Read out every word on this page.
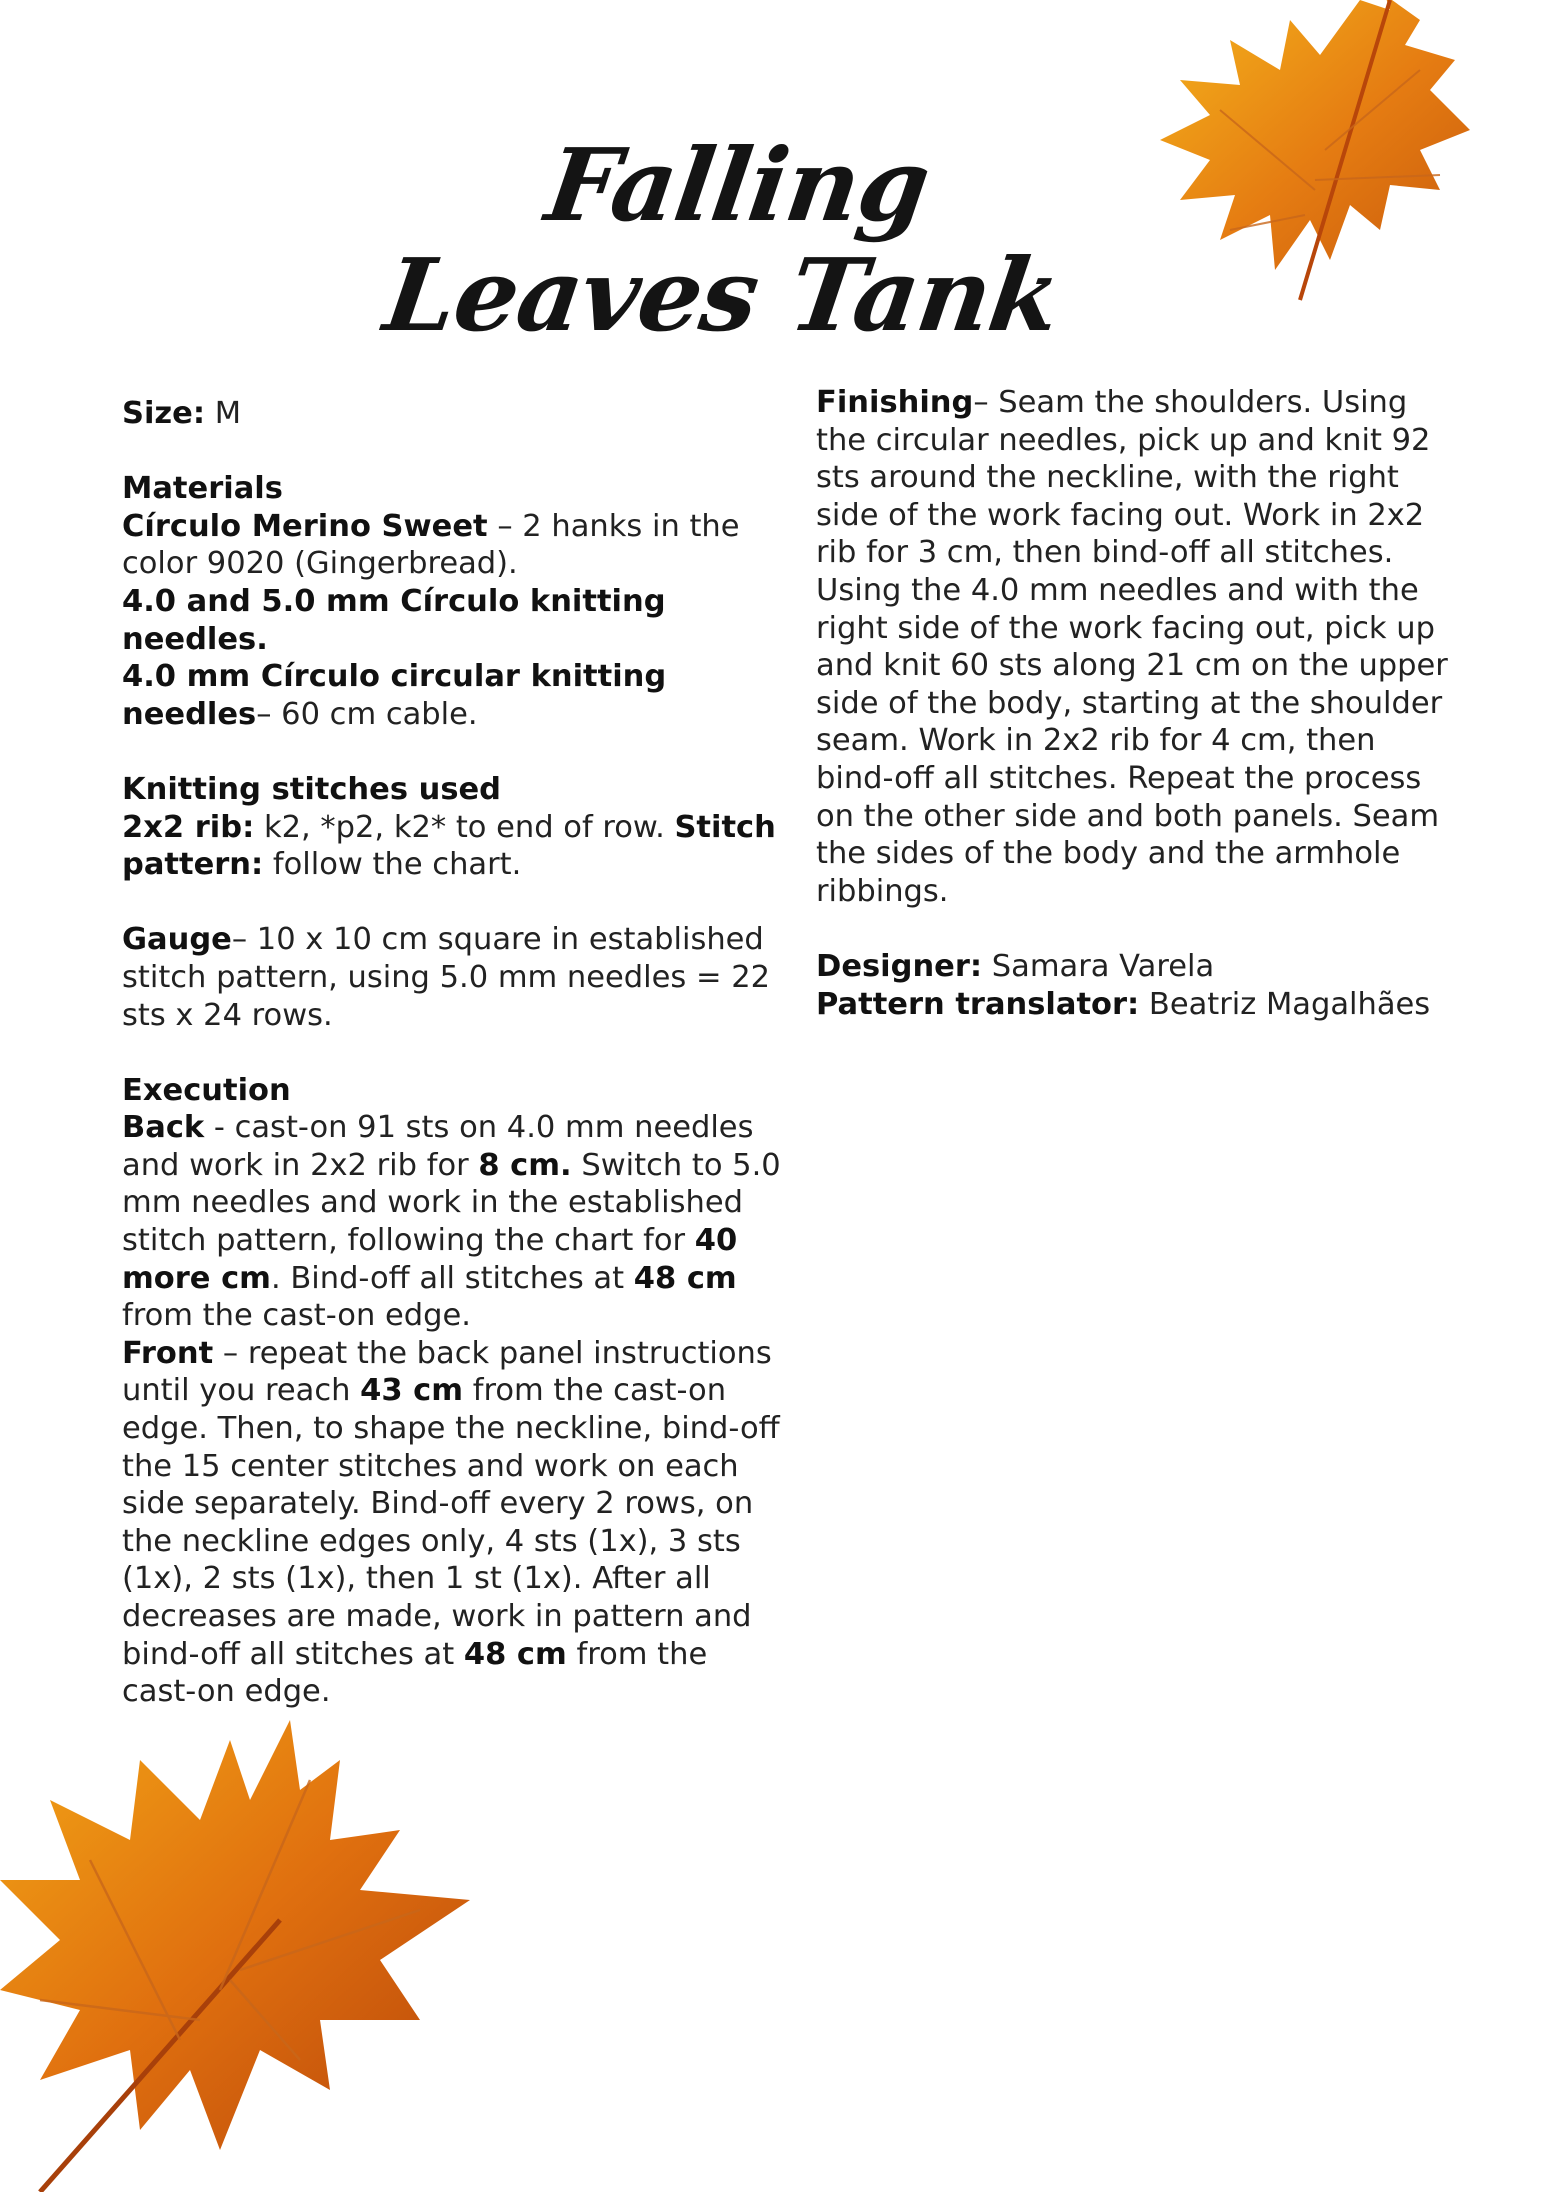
Falling Leaves Tank

Size: M

Materials

Círculo Merino Sweet – 2 hanks in the color 9020 (Gingerbread).

4.0 and 5.0 mm Círculo knitting needles.

4.0 mm Círculo circular knitting needles– 60 cm cable.

Knitting stitches used

2x2 rib: k2, *p2, k2* to end of row. Stitch pattern: follow the chart.

Gauge– 10 x 10 cm square in established stitch pattern, using 5.0 mm needles = 22 sts x 24 rows.

Execution

Back - cast-on 91 sts on 4.0 mm needles and work in 2x2 rib for 8 cm. Switch to 5.0 mm needles and work in the established stitch pattern, following the chart for 40 more cm. Bind-off all stitches at 48 cm from the cast-on edge.

Front – repeat the back panel instructions until you reach 43 cm from the cast-on edge. Then, to shape the neckline, bind-off the 15 center stitches and work on each side separately. Bind-off every 2 rows, on the neckline edges only, 4 sts (1x), 3 sts (1x), 2 sts (1x), then 1 st (1x). After all decreases are made, work in pattern and bind-off all stitches at 48 cm from the cast-on edge.

Finishing– Seam the shoulders. Using the circular needles, pick up and knit 92 sts around the neckline, with the right side of the work facing out. Work in 2x2 rib for 3 cm, then bind-off all stitches. Using the 4.0 mm needles and with the right side of the work facing out, pick up and knit 60 sts along 21 cm on the upper side of the body, starting at the shoulder seam. Work in 2x2 rib for 4 cm, then bind-off all stitches. Repeat the process on the other side and both panels. Seam the sides of the body and the armhole ribbings.

Designer: Samara Varela

Pattern translator: Beatriz Magalhães
